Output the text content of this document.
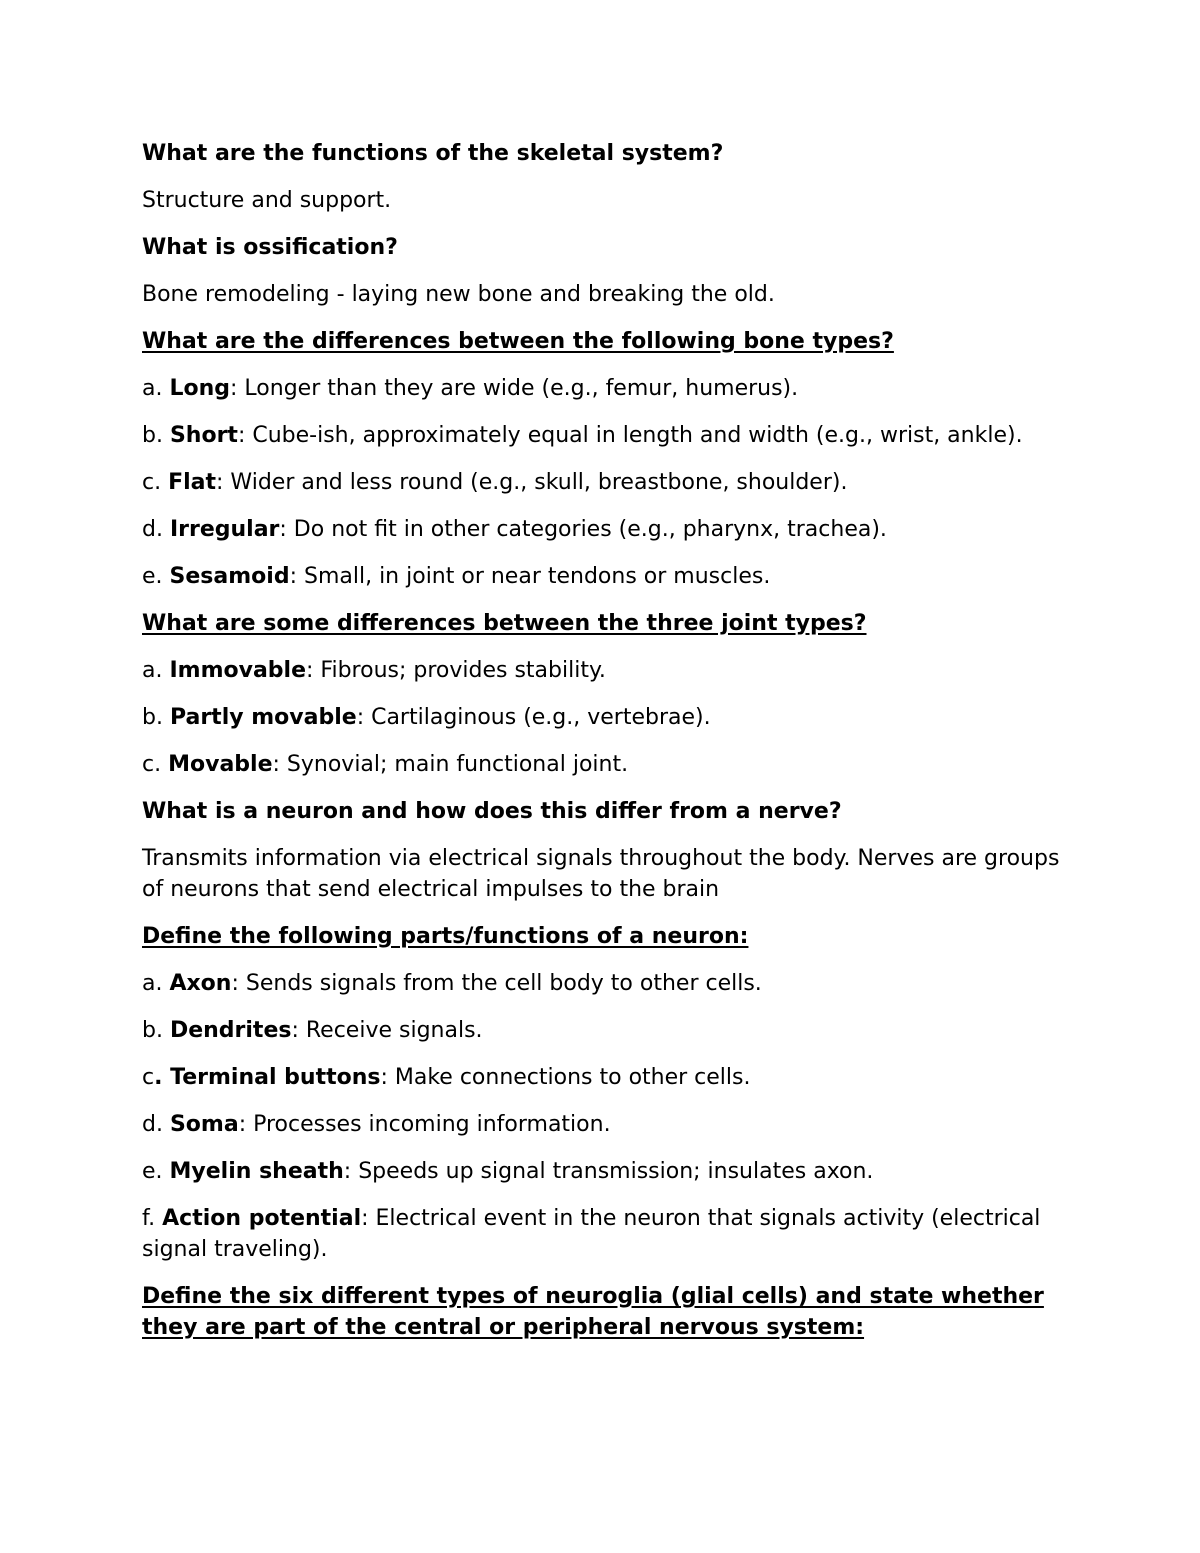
What are the functions of the skeletal system?

Structure and support.

What is ossification?

Bone remodeling - laying new bone and breaking the old.

What are the differences between the following bone types?

a. Long: Longer than they are wide (e.g., femur, humerus).

b. Short: Cube-ish, approximately equal in length and width (e.g., wrist, ankle).

c. Flat: Wider and less round (e.g., skull, breastbone, shoulder).

d. Irregular: Do not fit in other categories (e.g., pharynx, trachea).

e. Sesamoid: Small, in joint or near tendons or muscles.

What are some differences between the three joint types?

a. Immovable: Fibrous; provides stability.

b. Partly movable: Cartilaginous (e.g., vertebrae).

c. Movable: Synovial; main functional joint.

What is a neuron and how does this differ from a nerve?

Transmits information via electrical signals throughout the body. Nerves are groups of neurons that send electrical impulses to the brain

Define the following parts/functions of a neuron:

a. Axon: Sends signals from the cell body to other cells.

b. Dendrites: Receive signals.

c. Terminal buttons: Make connections to other cells.

d. Soma: Processes incoming information.

e. Myelin sheath: Speeds up signal transmission; insulates axon.

f. Action potential: Electrical event in the neuron that signals activity (electrical signal traveling).

Define the six different types of neuroglia (glial cells) and state whether they are part of the central or peripheral nervous system:
